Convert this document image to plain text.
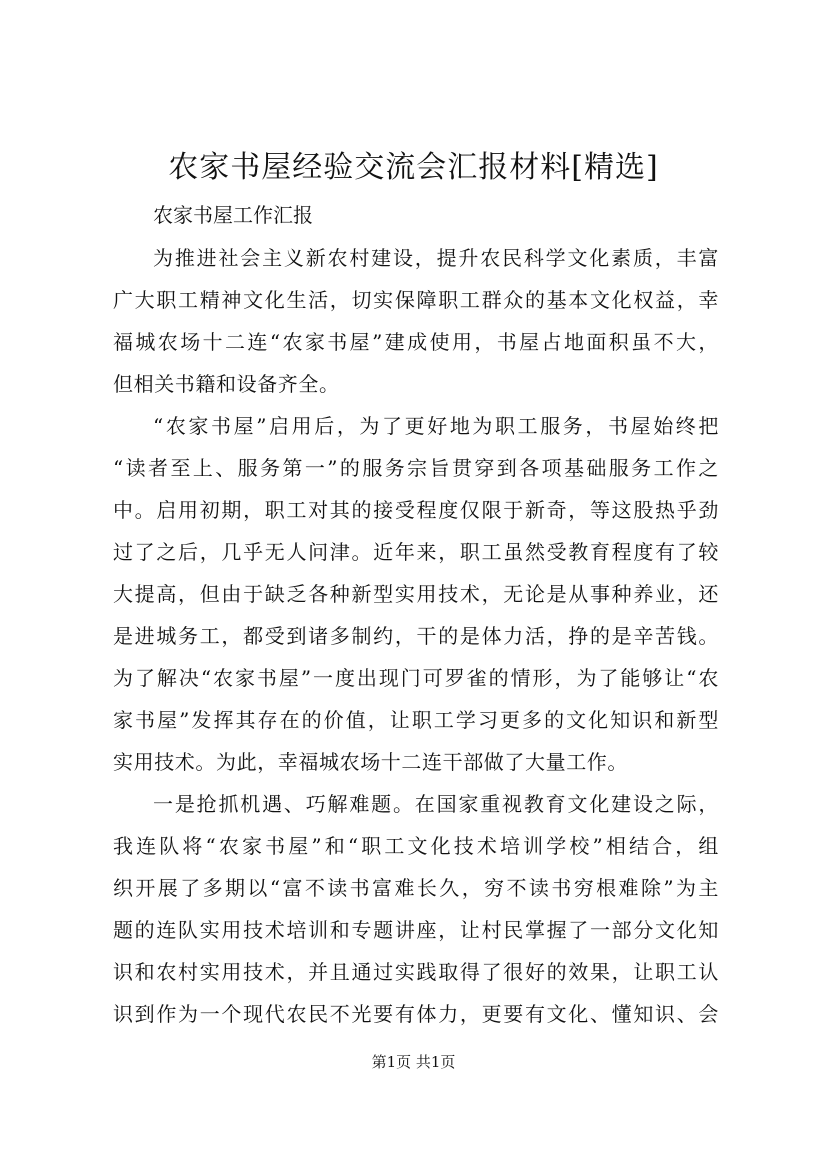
农家书屋经验交流会汇报材料[精选]

农家书屋工作汇报

为推进社会主义新农村建设，提升农民科学文化素质，丰富

广大职工精神文化生活，切实保障职工群众的基本文化权益，幸

福城农场十二连“农家书屋”建成使用，书屋占地面积虽不大，

但相关书籍和设备齐全。

“农家书屋”启用后，为了更好地为职工服务，书屋始终把

“读者至上、服务第一”的服务宗旨贯穿到各项基础服务工作之

中。启用初期，职工对其的接受程度仅限于新奇，等这股热乎劲

过了之后，几乎无人问津。近年来，职工虽然受教育程度有了较

大提高，但由于缺乏各种新型实用技术，无论是从事种养业，还

是进城务工，都受到诸多制约，干的是体力活，挣的是辛苦钱。

为了解决“农家书屋”一度出现门可罗雀的情形，为了能够让“农

家书屋”发挥其存在的价值，让职工学习更多的文化知识和新型

实用技术。为此，幸福城农场十二连干部做了大量工作。

一是抢抓机遇、巧解难题。在国家重视教育文化建设之际，

我连队将“农家书屋”和“职工文化技术培训学校”相结合，组

织开展了多期以“富不读书富难长久，穷不读书穷根难除”为主

题的连队实用技术培训和专题讲座，让村民掌握了一部分文化知

识和农村实用技术，并且通过实践取得了很好的效果，让职工认

识到作为一个现代农民不光要有体力，更要有文化、懂知识、会

第1页 共1页
